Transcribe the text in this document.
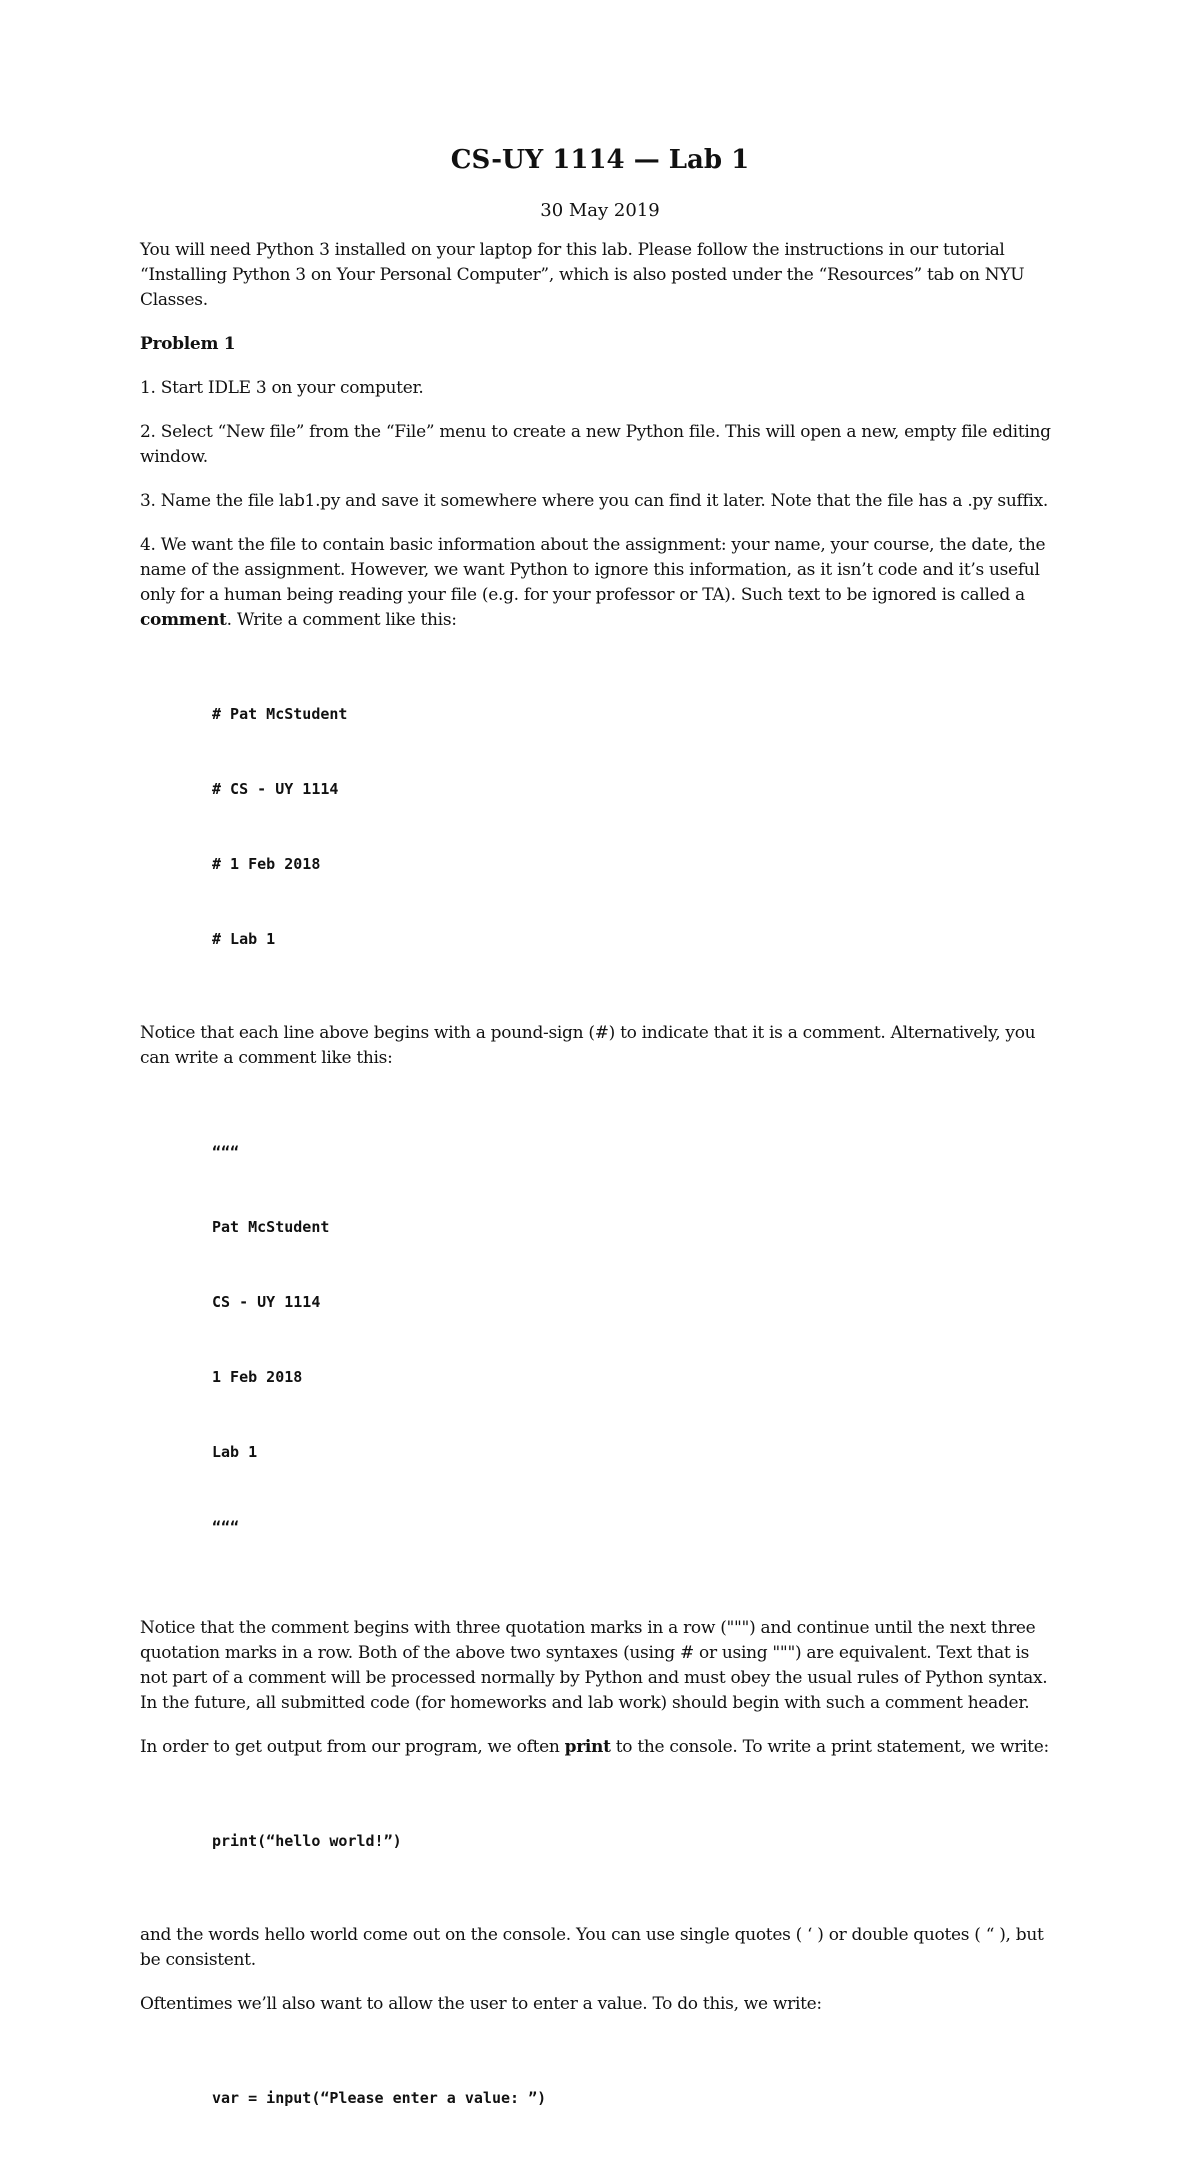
CS-UY 1114 — Lab 1
30 May 2019

You will need Python 3 installed on your laptop for this lab. Please follow the instructions in our tutorial “Installing Python 3 on Your Personal Computer”, which is also posted under the “Resources” tab on NYU Classes.

Problem 1

1. Start IDLE 3 on your computer.

2. Select “New file” from the “File” menu to create a new Python file. This will open a new, empty file editing window.

3. Name the file lab1.py and save it somewhere where you can find it later. Note that the file has a .py suffix.

4. We want the file to contain basic information about the assignment: your name, your course, the date, the name of the assignment. However, we want Python to ignore this information, as it isn’t code and it’s useful only for a human being reading your file (e.g. for your professor or TA). Such text to be ignored is called a comment. Write a comment like this:

# Pat McStudent

# CS - UY 1114

# 1 Feb 2018

# Lab 1

Notice that each line above begins with a pound-sign (#) to indicate that it is a comment. Alternatively, you can write a comment like this:

“““

Pat McStudent

CS - UY 1114

1 Feb 2018

Lab 1

“““

Notice that the comment begins with three quotation marks in a row (""") and continue until the next three quotation marks in a row. Both of the above two syntaxes (using # or using """) are equivalent. Text that is not part of a comment will be processed normally by Python and must obey the usual rules of Python syntax. In the future, all submitted code (for homeworks and lab work) should begin with such a comment header.

In order to get output from our program, we often print to the console. To write a print statement, we write:

print(“hello world!”)

and the words hello world come out on the console. You can use single quotes ( ‘ ) or double quotes ( “ ), but be consistent.

Oftentimes we’ll also want to allow the user to enter a value. To do this, we write:

var = input(“Please enter a value: ”)
